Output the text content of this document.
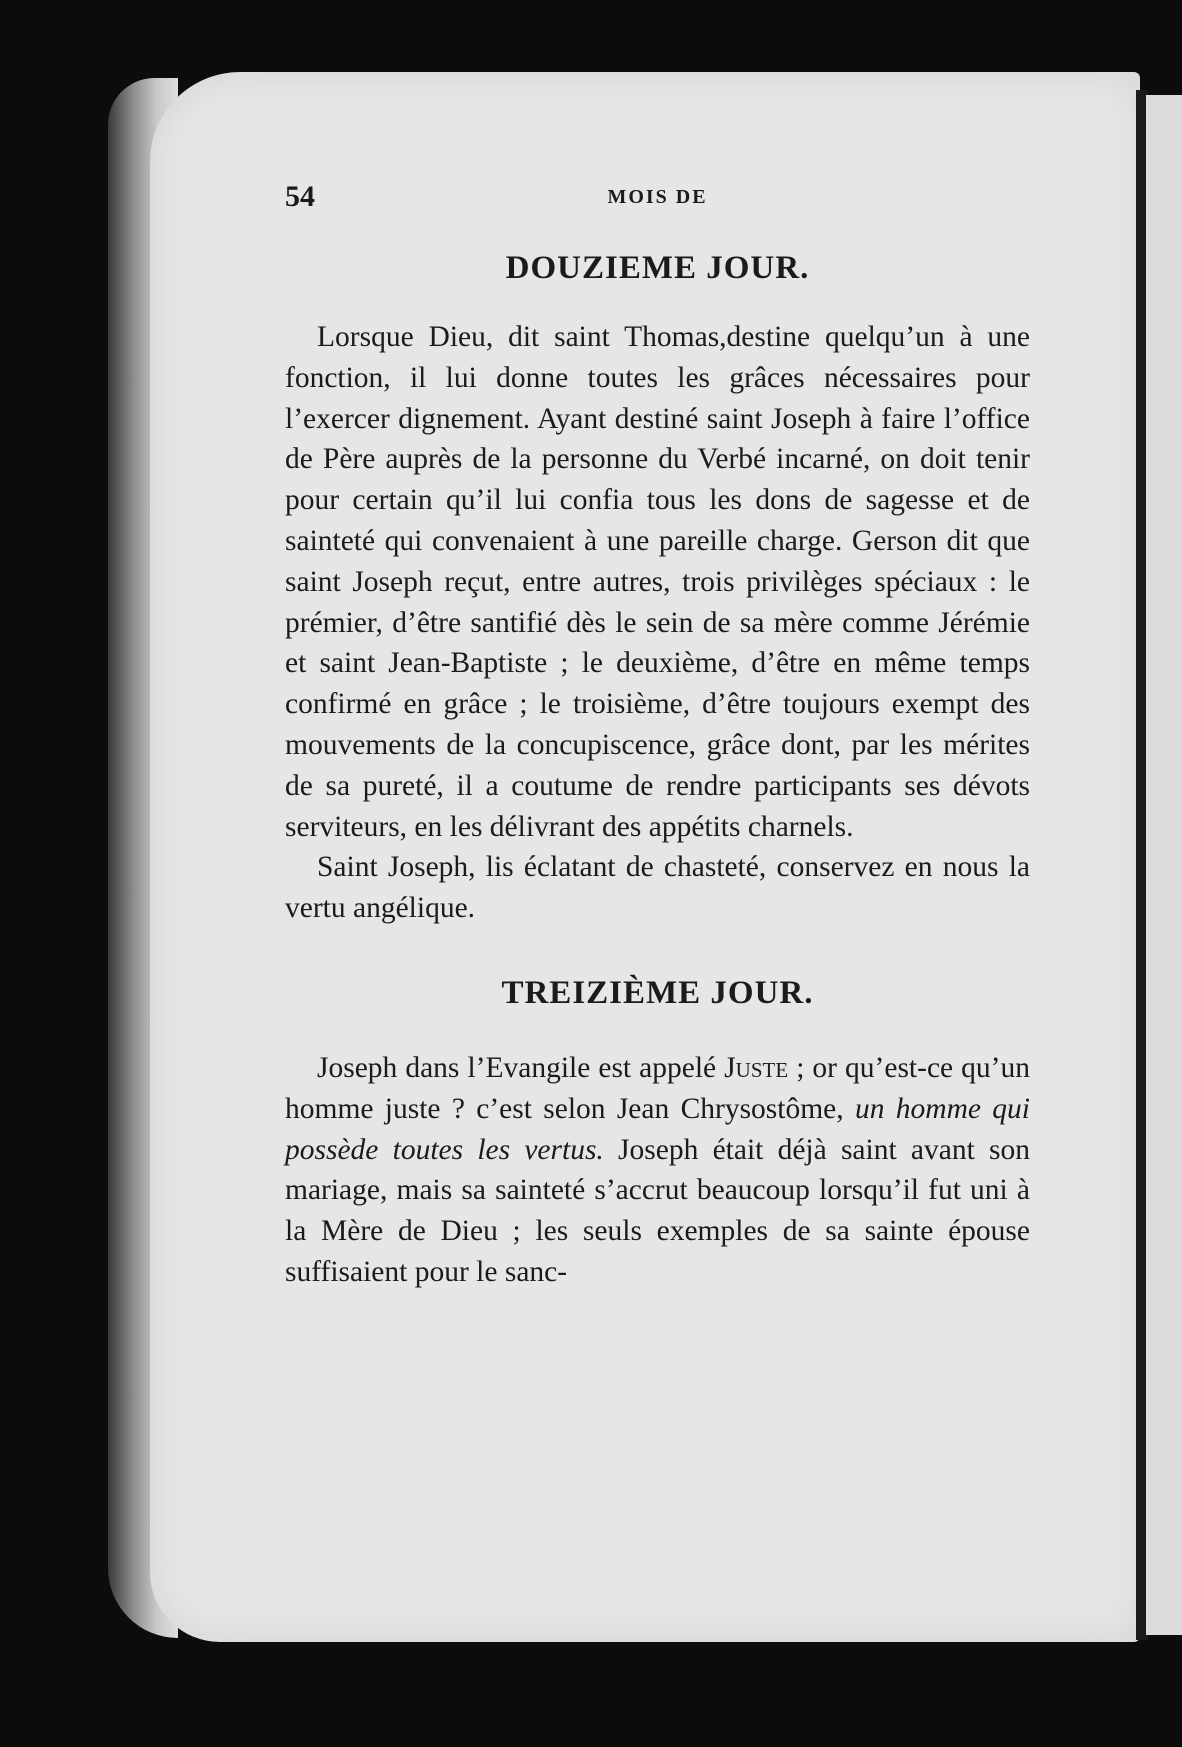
54	MOIS DE
DOUZIEME JOUR.

Lorsque Dieu, dit saint Thomas,destine quelqu’un à une fonction, il lui donne toutes les grâces nécessaires pour l’exercer dignement. Ayant destiné saint Joseph à faire l’office de Père auprès de la personne du Verbé incarné, on doit tenir pour certain qu’il lui confia tous les dons de sagesse et de sainteté qui convenaient à une pareille charge. Gerson dit que saint Joseph reçut, entre autres, trois privilèges spéciaux : le prémier, d’être santifié dès le sein de sa mère comme Jérémie et saint Jean-Baptiste ; le deuxième, d’être en même temps confirmé en grâce ; le troisième, d’être toujours exempt des mouvements de la concupiscence, grâce dont, par les mérites de sa pureté, il a coutume de rendre participants ses dévots serviteurs, en les délivrant des appétits charnels.

Saint Joseph, lis éclatant de chasteté, conservez en nous la vertu angélique.

TREIZIÈME JOUR.

Joseph dans l’Evangile est appelé Juste ; or qu’est-ce qu’un homme juste ? c’est selon Jean Chrysostôme, un homme qui possède toutes les vertus. Joseph était déjà saint avant son mariage, mais sa sainteté s’accrut beaucoup lorsqu’il fut uni à la Mère de Dieu ; les seuls exemples de sa sainte épouse suffisaient pour le sanc-
